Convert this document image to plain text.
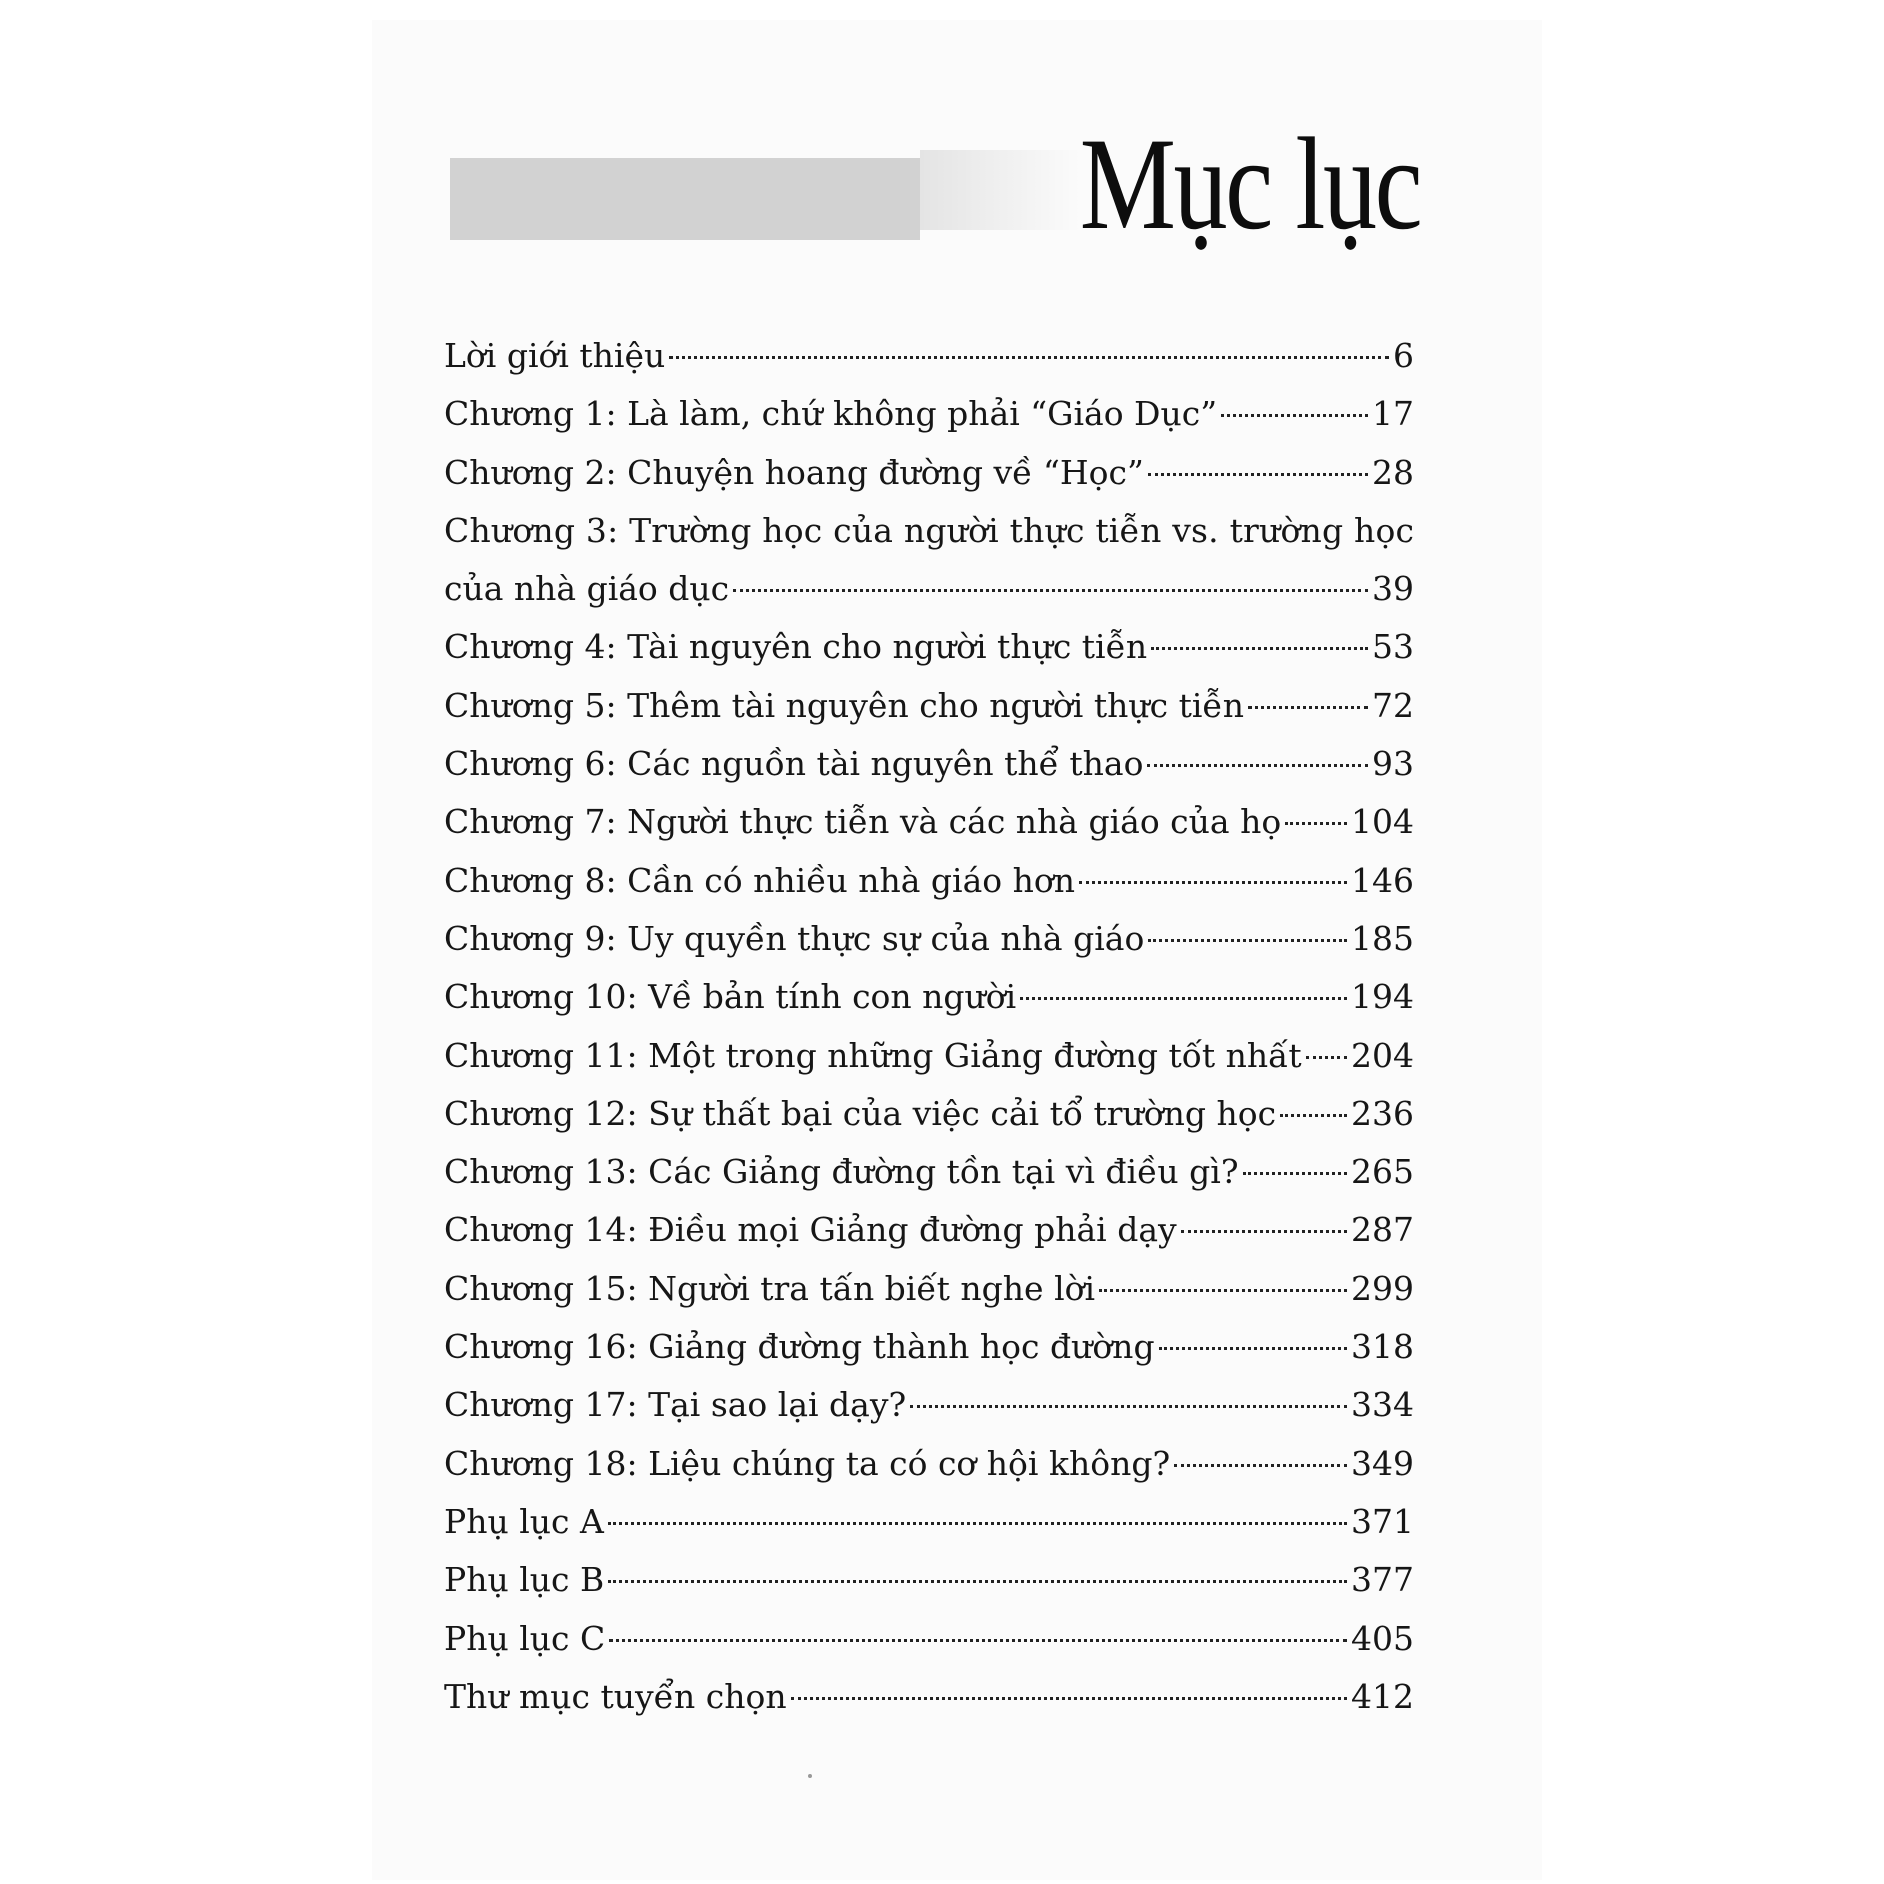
Mục lục
Lời giới thiệu	6
Chương 1: Là làm, chứ không phải “Giáo Dục”	17
Chương 2: Chuyện hoang đường về “Học”	28
Chương 3: Trường học của người thực tiễn vs. trường học
của nhà giáo dục	39
Chương 4: Tài nguyên cho người thực tiễn	53
Chương 5: Thêm tài nguyên cho người thực tiễn	72
Chương 6: Các nguồn tài nguyên thể thao	93
Chương 7: Người thực tiễn và các nhà giáo của họ 104
Chương 8: Cần có nhiều nhà giáo hơn	146
Chương 9: Uy quyền thực sự của nhà giáo	185
Chương 10: Về bản tính con người	194
Chương 11: Một trong những Giảng đường tốt nhất 204
Chương 12: Sự thất bại của việc cải tổ trường học 236
Chương 13: Các Giảng đường tồn tại vì điều gì?	265
Chương 14: Điều mọi Giảng đường phải dạy	287
Chương 15: Người tra tấn biết nghe lời	299
Chương 16: Giảng đường thành học đường	318
Chương 17: Tại sao lại dạy?	334
Chương 18: Liệu chúng ta có cơ hội không?	349
Phụ lục A	371
Phụ lục B	377
Phụ lục C	405
Thư mục tuyển chọn	412
